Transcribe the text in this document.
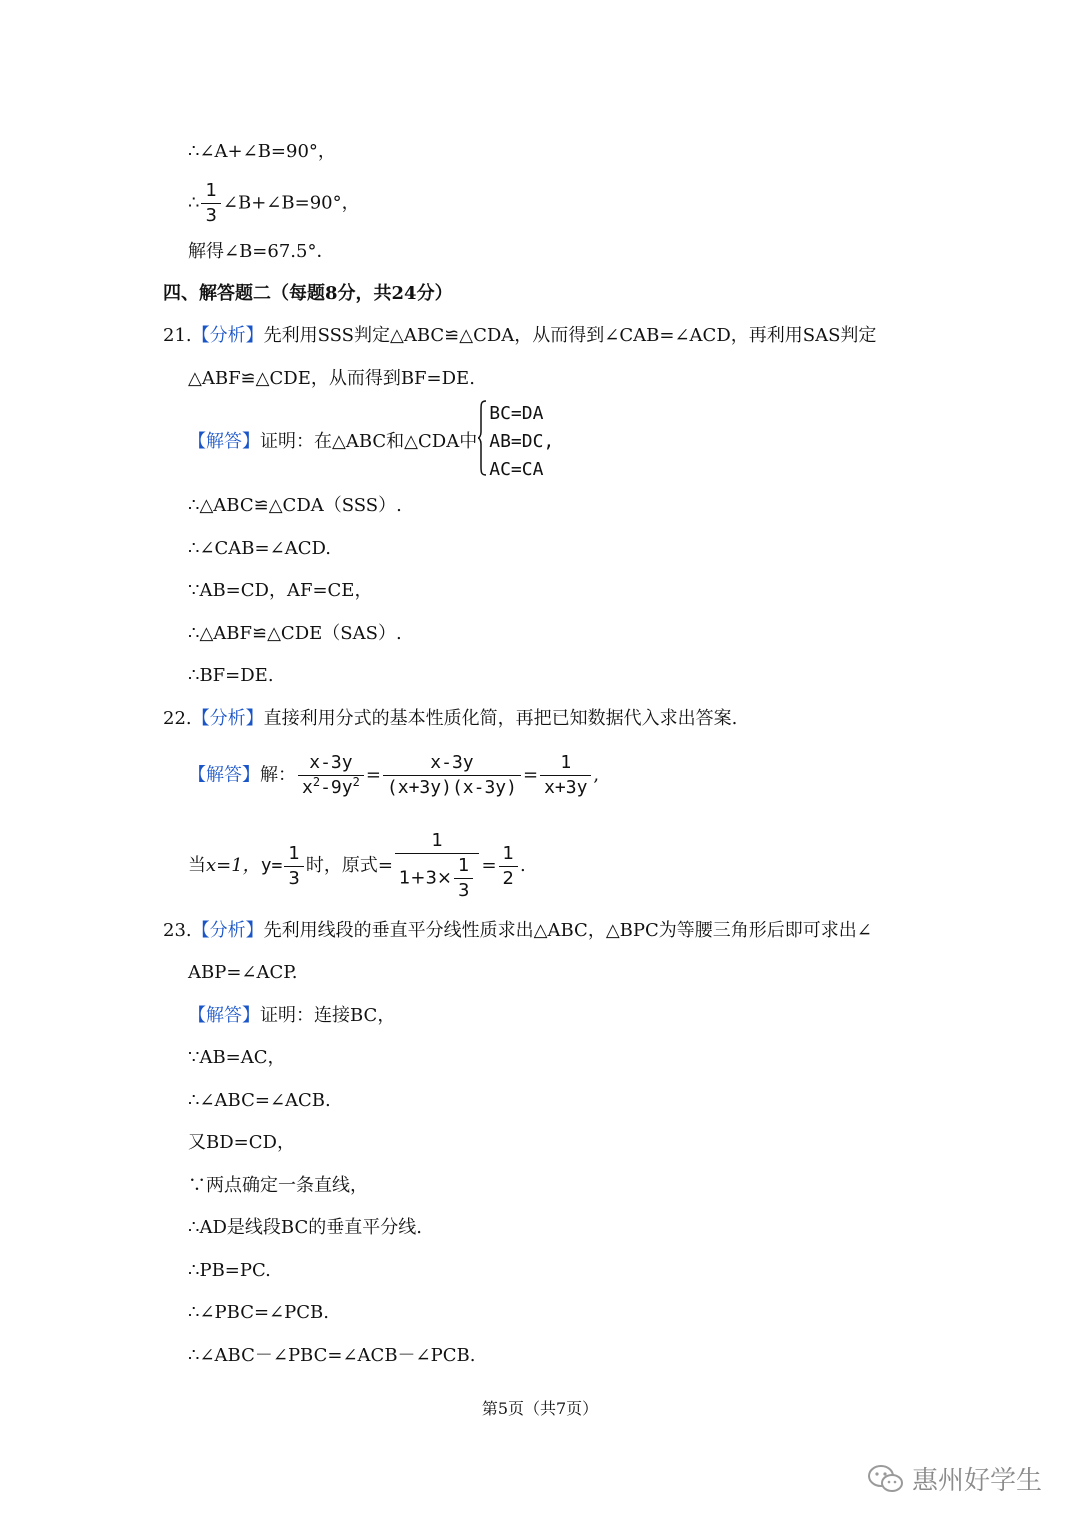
∴∠A+∠B=90°，
∴ $\frac{1}{3}$ ∠B+∠B=90°，
解得∠B=67.5°．
四、解答题二（每题8分，共24分）
21.【分析】先利用SSS判定△ABC≌△CDA，从而得到∠CAB=∠ACD，再利用SAS判定
△ABF≌△CDE，从而得到BF=DE.
【解答】证明：在△ABC和△CDA中
BC=DA
AB=DC,
AC=CA
∴△ABC≌△CDA（SSS）.
∴∠CAB=∠ACD.
∵AB=CD，AF=CE，
∴△ABF≌△CDE（SAS）.
∴BF=DE.
22.【分析】直接利用分式的基本性质化简，再把已知数据代入求出答案.
【解答】解： $\frac{x-3y}{x^2-9y^2} = \frac{x-3y}{(x+3y)(x-3y)} = \frac{1}{x+3y}$ ,
当x=1，$y= \frac{1}{3}$ 时，原式= $\frac{1}{1+3\times \frac{1}{3}} = \frac{1}{2}$ .
23.【分析】先利用线段的垂直平分线性质求出△ABC，△BPC为等腰三角形后即可求出∠
ABP=∠ACP.
【解答】证明：连接BC，
∵AB=AC，
∴∠ABC=∠ACB.
又BD=CD，
∵两点确定一条直线，
∴AD是线段BC的垂直平分线.
∴PB=PC.
∴∠PBC=∠PCB.
∴∠ABC－∠PBC=∠ACB－∠PCB.
第5页（共7页）
惠州好学生
